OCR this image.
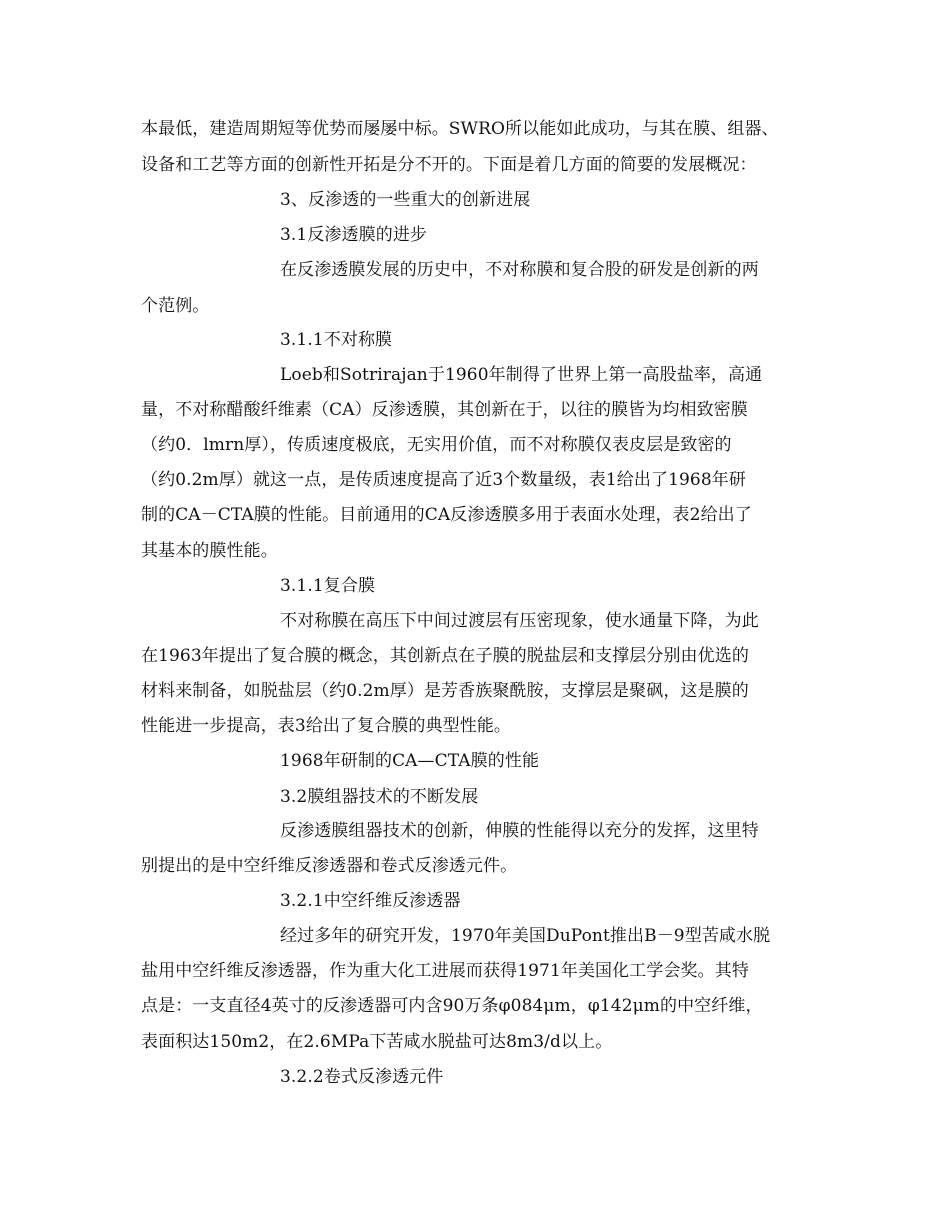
本最低，建造周期短等优势而屡屡中标。SWRO所以能如此成功，与其在膜、组器、
设备和工艺等方面的创新性开拓是分不开的。下面是着几方面的简要的发展概况：
3、反渗透的一些重大的创新进展
3.1反渗透膜的进步
在反渗透膜发展的历史中，不对称膜和复合股的研发是创新的两
个范例。
3.1.1不对称膜
Loeb和Sotrirajan于1960年制得了世界上第一高股盐率，高通
量，不对称醋酸纤维素（CA）反渗透膜，其创新在于，以往的膜皆为均相致密膜
（约0．lmrn厚），传质速度极底，无实用价值，而不对称膜仅表皮层是致密的
（约0.2m厚）就这一点，是传质速度提高了近3个数量级，表1给出了1968年研
制的CA－CTA膜的性能。目前通用的CA反渗透膜多用于表面水处理，表2给出了
其基本的膜性能。
3.1.1复合膜
不对称膜在高压下中间过渡层有压密现象，使水通量下降，为此
在1963年提出了复合膜的概念，其创新点在子膜的脱盐层和支撑层分别由优选的
材料来制备，如脱盐层（约0.2m厚）是芳香族聚酰胺，支撑层是聚砜，这是膜的
性能进一步提高，表3给出了复合膜的典型性能。
1968年研制的CA—CTA膜的性能
3.2膜组器技术的不断发展
反渗透膜组器技术的创新，伸膜的性能得以充分的发挥，这里特
别提出的是中空纤维反渗透器和卷式反渗透元件。
3.2.1中空纤维反渗透器
经过多年的研究开发，1970年美国DuPont推出B－9型苦咸水脱
盐用中空纤维反渗透器，作为重大化工进展而获得1971年美国化工学会奖。其特
点是：一支直径4英寸的反渗透器可内含90万条φ084μm，φ142μm的中空纤维，
表面积达150m2，在2.6MPa下苦咸水脱盐可达8m3/d以上。
3.2.2卷式反渗透元件
